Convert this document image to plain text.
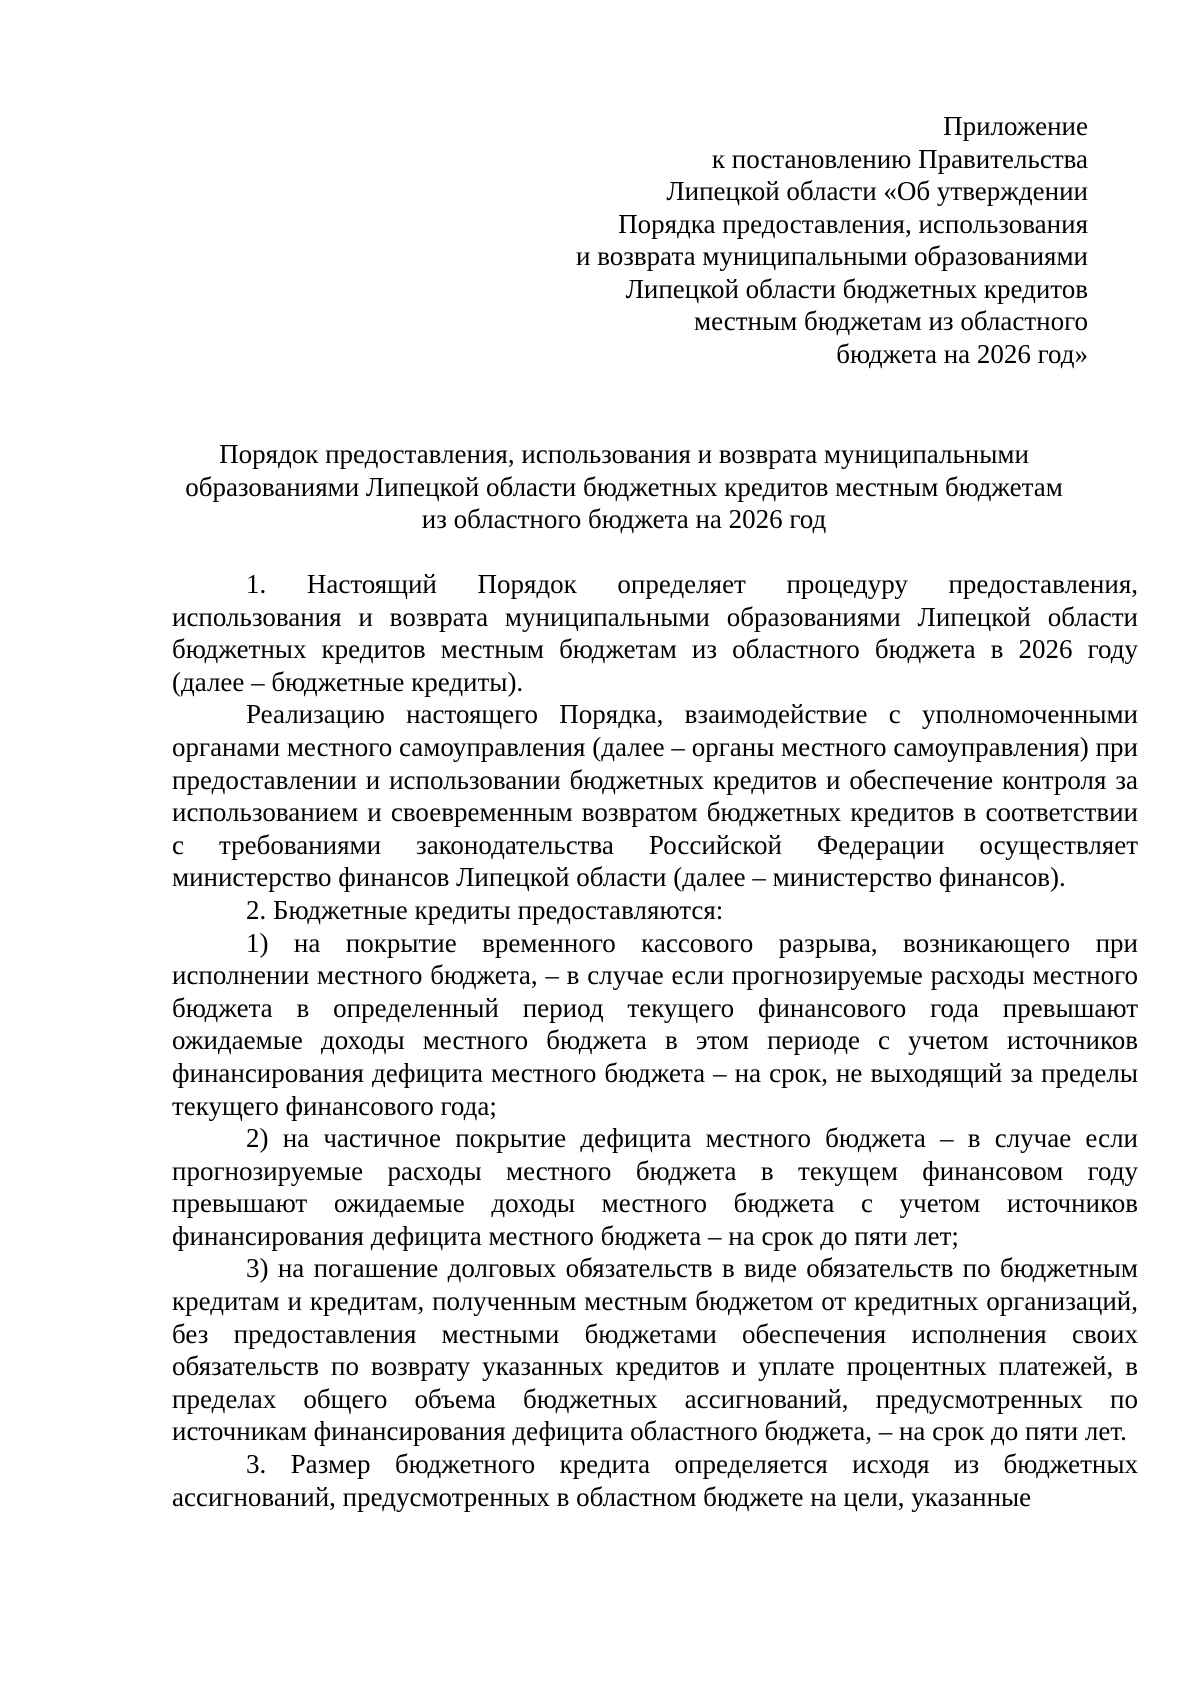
Приложение
к постановлению Правительства
Липецкой области «Об утверждении
Порядка предоставления, использования
и возврата муниципальными образованиями
Липецкой области бюджетных кредитов
местным бюджетам из областного
бюджета на 2026 год»
Порядок предоставления, использования и возврата муниципальными
образованиями Липецкой области бюджетных кредитов местным бюджетам
из областного бюджета на 2026 год

1. Настоящий Порядок определяет процедуру предоставления, использования и возврата муниципальными образованиями Липецкой области бюджетных кредитов местным бюджетам из областного бюджета в 2026 году (далее – бюджетные кредиты).

Реализацию настоящего Порядка, взаимодействие с уполномоченными органами местного самоуправления (далее – органы местного самоуправления) при предоставлении и использовании бюджетных кредитов и обеспечение контроля за использованием и своевременным возвратом бюджетных кредитов в соответствии с требованиями законодательства Российской Федерации осуществляет министерство финансов Липецкой области (далее – министерство финансов).

2. Бюджетные кредиты предоставляются:

1) на покрытие временного кассового разрыва, возникающего при исполнении местного бюджета, – в случае если прогнозируемые расходы местного бюджета в определенный период текущего финансового года превышают ожидаемые доходы местного бюджета в этом периоде с учетом источников финансирования дефицита местного бюджета – на срок, не выходящий за пределы текущего финансового года;

2) на частичное покрытие дефицита местного бюджета – в случае если прогнозируемые расходы местного бюджета в текущем финансовом году превышают ожидаемые доходы местного бюджета с учетом источников финансирования дефицита местного бюджета – на срок до пяти лет;

3) на погашение долговых обязательств в виде обязательств по бюджетным кредитам и кредитам, полученным местным бюджетом от кредитных организаций, без предоставления местными бюджетами обеспечения исполнения своих обязательств по возврату указанных кредитов и уплате процентных платежей, в пределах общего объема бюджетных ассигнований, предусмотренных по источникам финансирования дефицита областного бюджета, – на срок до пяти лет.

3. Размер бюджетного кредита определяется исходя из бюджетных ассигнований, предусмотренных в областном бюджете на цели, указанные
